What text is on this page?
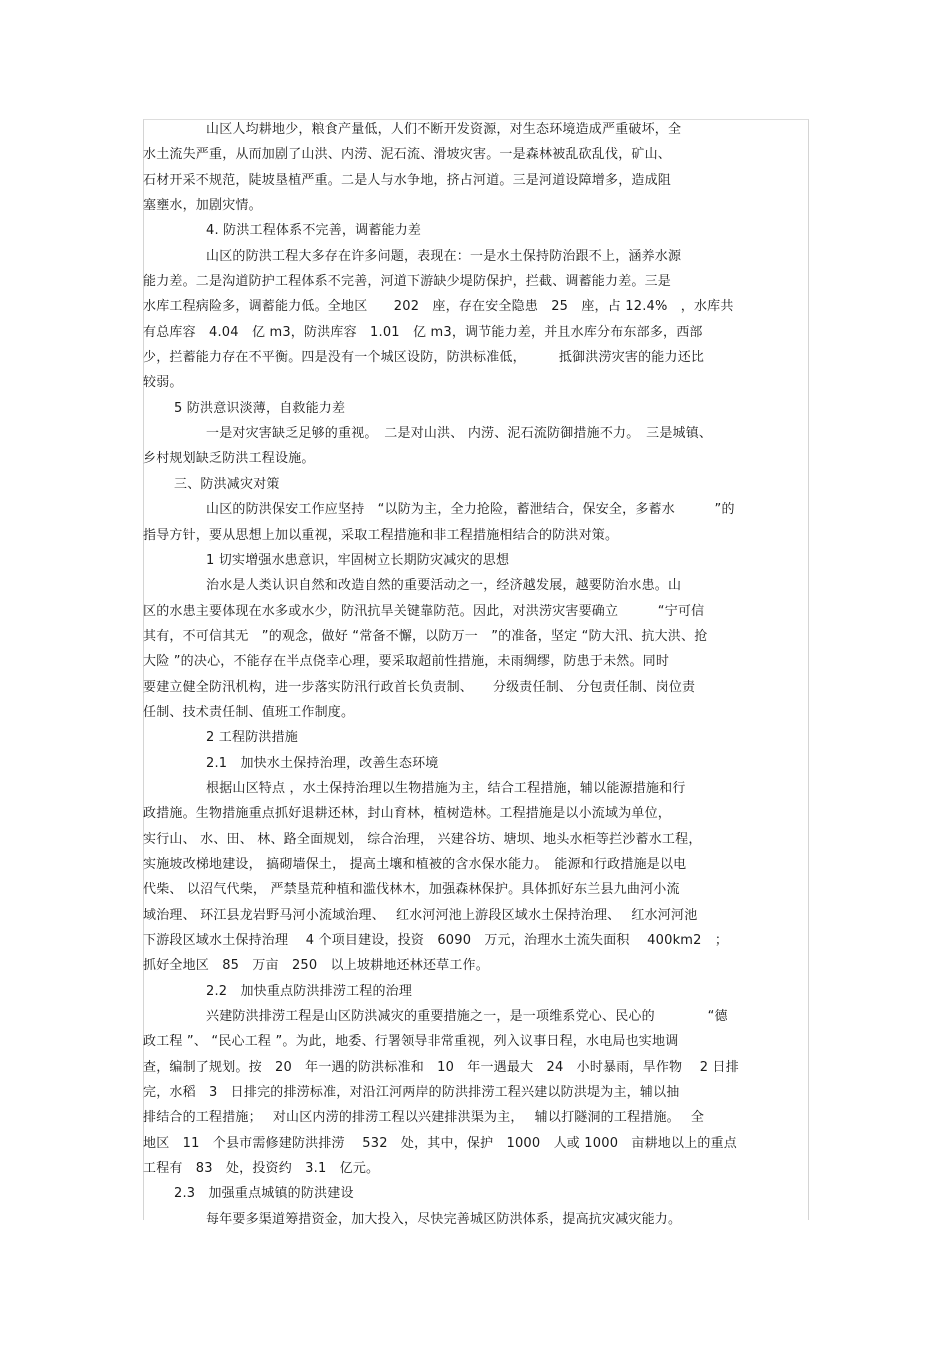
山区人均耕地少，粮食产量低，人们不断开发资源，对生态环境造成严重破坏，全
水土流失严重，从而加剧了山洪、内涝、泥石流、滑坡灾害。一是森林被乱砍乱伐，矿山、
石材开采不规范，陡坡垦植严重。二是人与水争地，挤占河道。三是河道设障增多，造成阻
塞壅水，加剧灾情。
4. 防洪工程体系不完善，调蓄能力差
山区的防洪工程大多存在许多问题，表现在：一是水土保持防治跟不上，涵养水源
能力差。二是沟道防护工程体系不完善，河道下游缺少堤防保护，拦截、调蓄能力差。三是
水库工程病险多，调蓄能力低。全地区　　202　座，存在安全隐患　25　座，占 12.4%　，水库共
有总库容　4.04　亿 m3，防洪库容　1.01　亿 m3，调节能力差，并且水库分布东部多，西部
少，拦蓄能力存在不平衡。四是没有一个城区设防，防洪标准低，　　　抵御洪涝灾害的能力还比
较弱。
5 防洪意识淡薄，自救能力差
一是对灾害缺乏足够的重视。　二是对山洪、 内涝、泥石流防御措施不力。　三是城镇、
乡村规划缺乏防洪工程设施。
三、防洪减灾对策
山区的防洪保安工作应坚持　“以防为主，全力抢险，蓄泄结合，保安全，多蓄水　　　”的
指导方针，要从思想上加以重视，采取工程措施和非工程措施相结合的防洪对策。
1 切实增强水患意识，牢固树立长期防灾减灾的思想
治水是人类认识自然和改造自然的重要活动之一，经济越发展，越要防治水患。山
区的水患主要体现在水多或水少，防汛抗旱关键靠防范。因此，对洪涝灾害要确立　　　“宁可信
其有，不可信其无　”的观念，做好 “常备不懈，以防万一　”的准备，坚定 “防大汛、抗大洪、抢
大险 ”的决心，不能存在半点侥幸心理，要采取超前性措施，未雨绸缪，防患于未然。同时
要建立健全防汛机构，进一步落实防汛行政首长负责制、　　分级责任制、 分包责任制、岗位责
任制、技术责任制、值班工作制度。
2 工程防洪措施
2.1　加快水土保持治理，改善生态环境
根据山区特点 ，水土保持治理以生物措施为主，结合工程措施，辅以能源措施和行
政措施。生物措施重点抓好退耕还林，封山育林，植树造林。工程措施是以小流域为单位，
实行山、 水、田、 林、路全面规划， 综合治理， 兴建谷坊、塘坝、地头水柜等拦沙蓄水工程，
实施坡改梯地建设， 搞砌墙保土， 提高土壤和植被的含水保水能力。　能源和行政措施是以电
代柴、 以沼气代柴， 严禁垦荒种植和滥伐林木，加强森林保护。具体抓好东兰县九曲河小流
域治理、 环江县龙岩野马河小流域治理、　 红水河河池上游段区域水土保持治理、　 红水河河池
下游段区域水土保持治理　 4 个项目建设，投资　6090　万元，治理水土流失面积　 400km2　；
抓好全地区　85　万亩　250　以上坡耕地还林还草工作。
2.2　加快重点防洪排涝工程的治理
兴建防洪排涝工程是山区防洪减灾的重要措施之一，是一项维系党心、民心的　　　　“德
政工程 ”、 “民心工程 ”。为此，地委、行署领导非常重视，列入议事日程，水电局也实地调
查，编制了规划。按　20　年一遇的防洪标准和　10　年一遇最大　24　小时暴雨，旱作物　 2 日排
完，水稻　3　日排完的排涝标准，对沿江河两岸的防洪排涝工程兴建以防洪堤为主，辅以抽
排结合的工程措施；　 对山区内涝的排涝工程以兴建排洪渠为主，　 辅以打隧洞的工程措施。　 全
地区　11　个县市需修建防洪排涝　 532　处，其中，保护　1000　人或 1000　亩耕地以上的重点
工程有　83　处，投资约　3.1　亿元。
2.3　加强重点城镇的防洪建设
每年要多渠道筹措资金，加大投入，尽快完善城区防洪体系，提高抗灾减灾能力。
